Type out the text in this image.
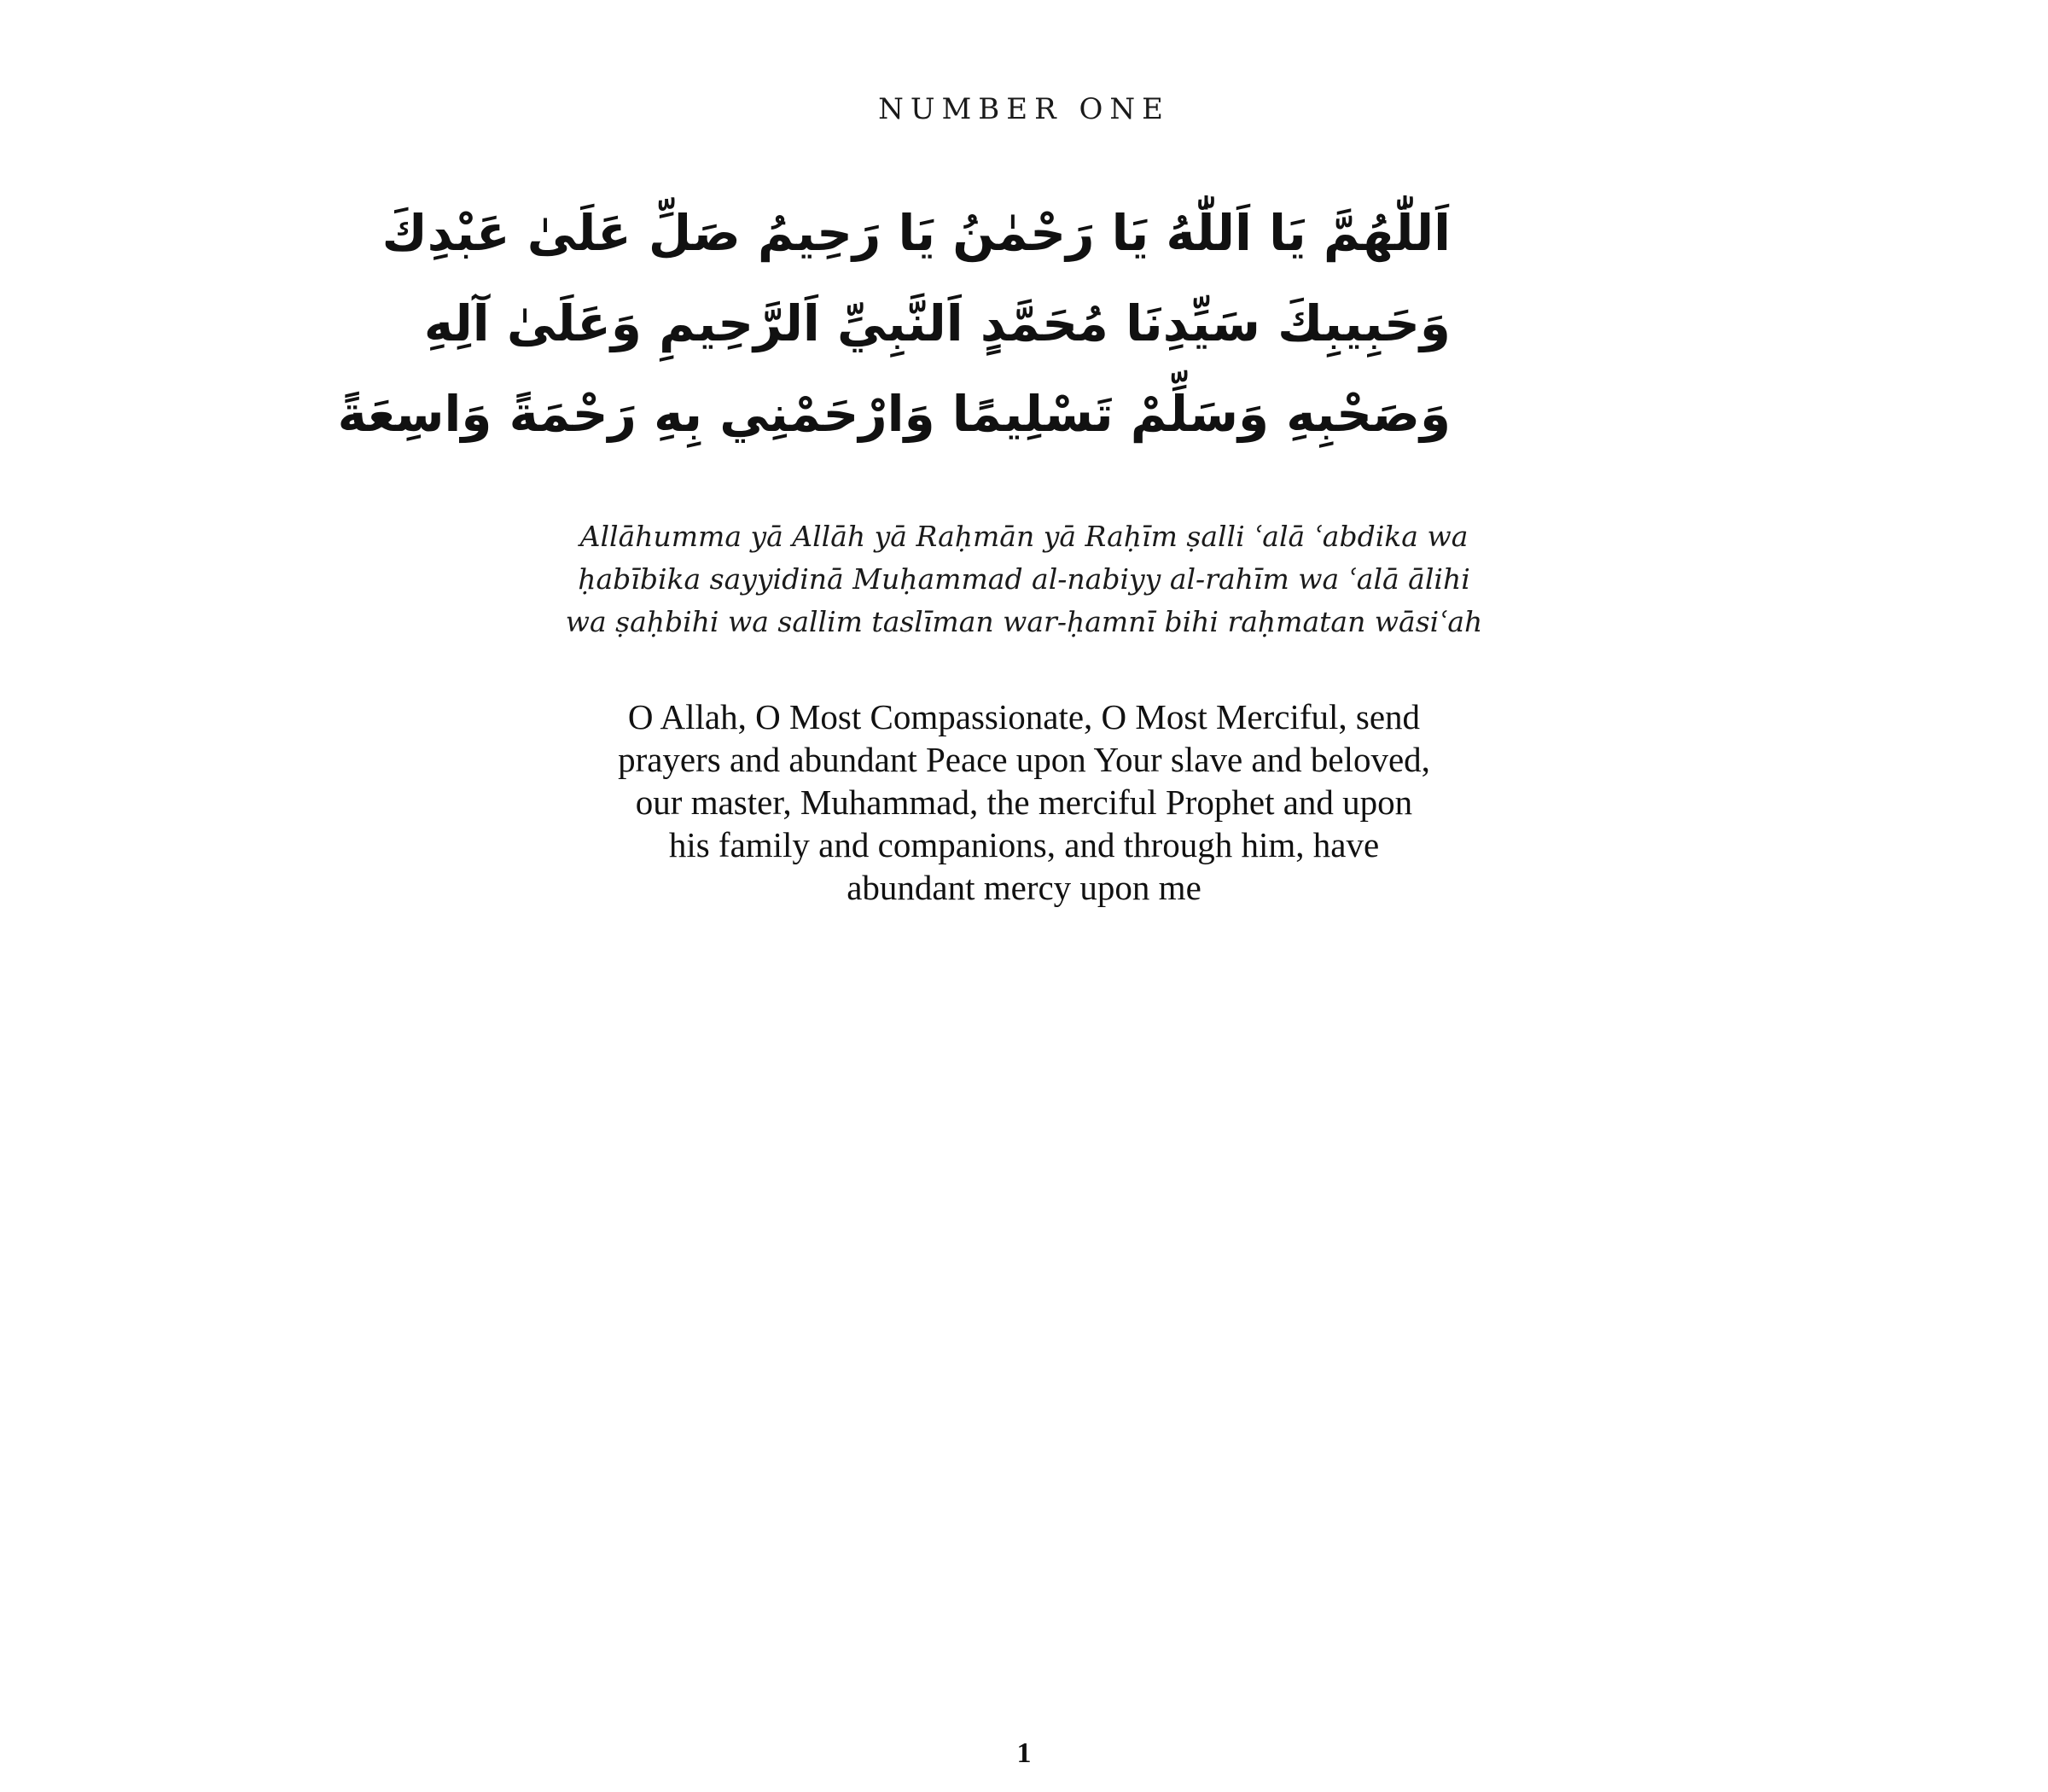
NUMBER ONE
اَللّٰهُمَّ يَا اَللّٰهُ يَا رَحْمٰنُ يَا رَحِيمُ صَلِّ عَلَىٰ عَبْدِكَ
وَحَبِيبِكَ سَيِّدِنَا مُحَمَّدٍ اَلنَّبِيِّ اَلرَّحِيمِ وَعَلَىٰ آلِهِ
وَصَحْبِهِ وَسَلِّمْ تَسْلِيمًا وَارْحَمْنِي بِهِ رَحْمَةً وَاسِعَةً
Allāhumma yā Allāh yā Raḥmān yā Raḥīm ṣalli ʿalā ʿabdika wa
ḥabībika sayyidinā Muḥammad al-nabiyy al-rahīm wa ʿalā ālihi
wa ṣaḥbihi wa sallim taslīman war-ḥamnī bihi raḥmatan wāsiʿah
O Allah, O Most Compassionate, O Most Merciful, send
prayers and abundant Peace upon Your slave and beloved,
our master, Muhammad, the merciful Prophet and upon
his family and companions, and through him, have
abundant mercy upon me
1
